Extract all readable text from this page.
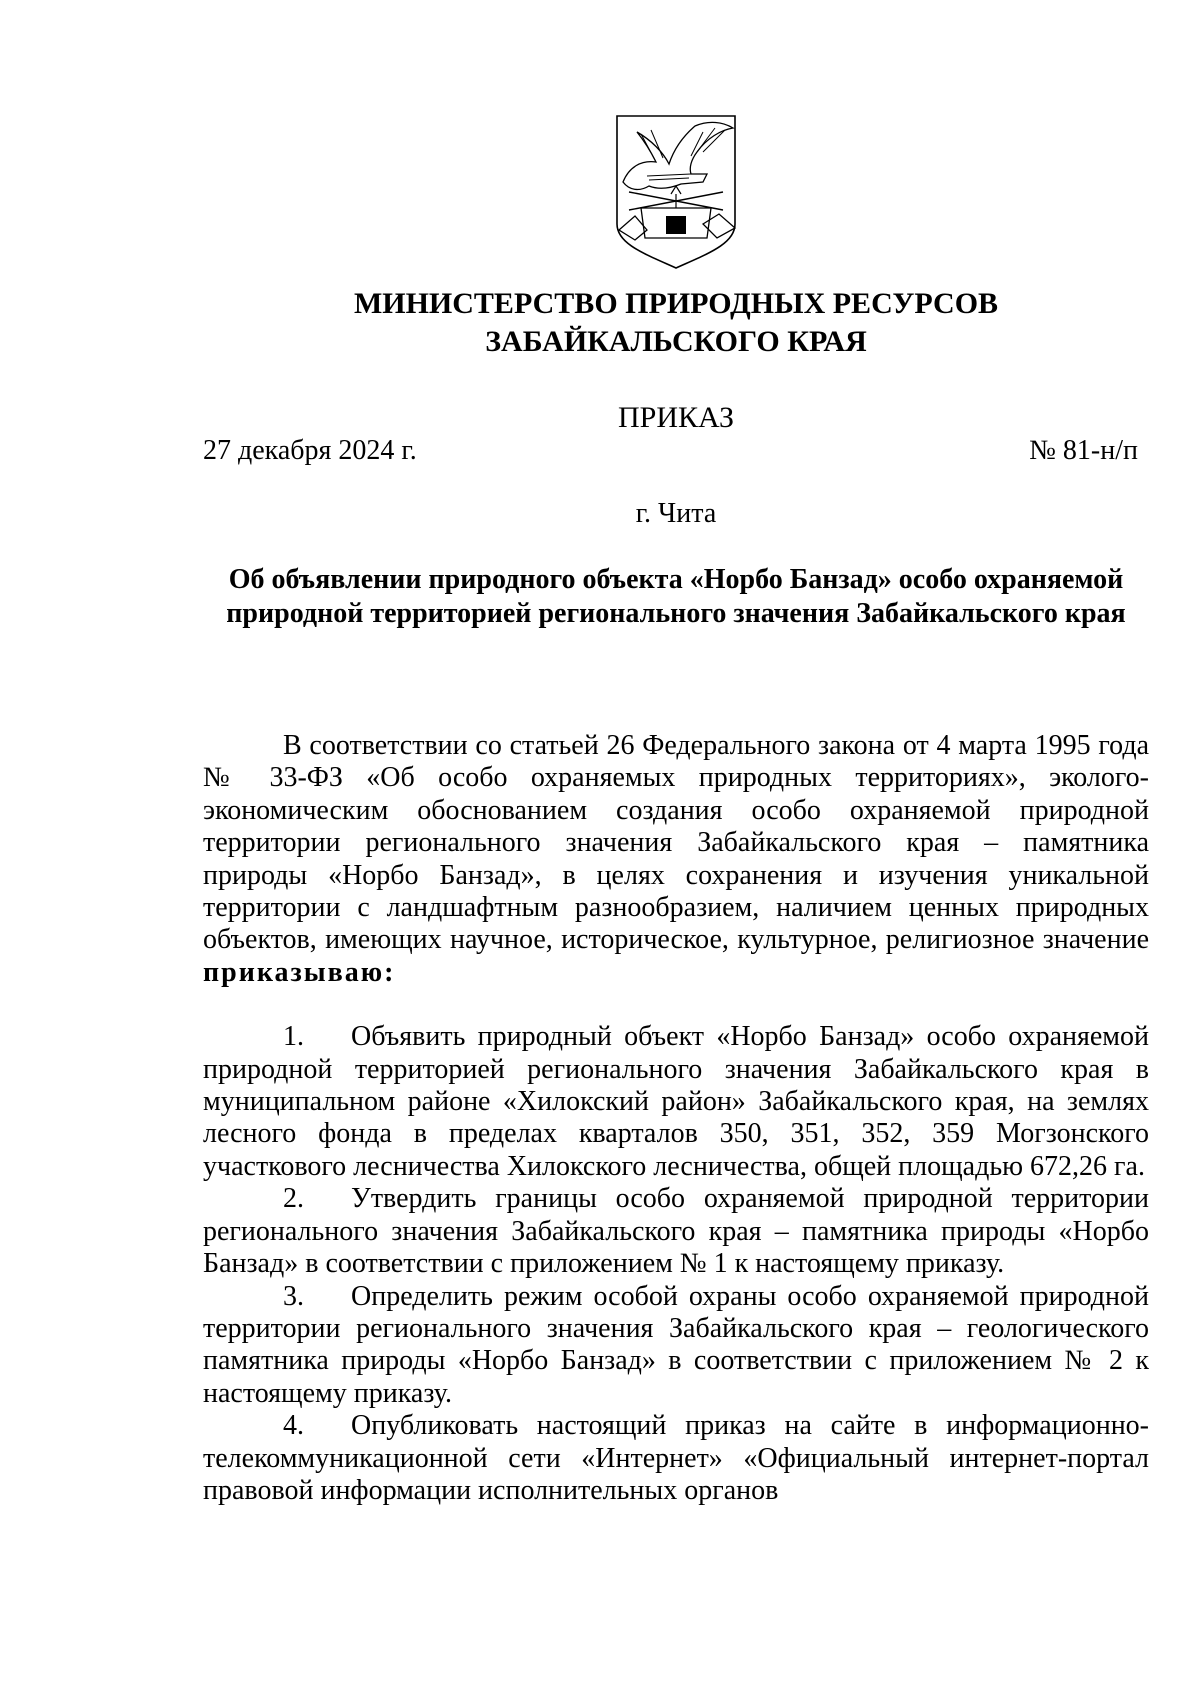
МИНИСТЕРСТВО ПРИРОДНЫХ РЕСУРСОВ
ЗАБАЙКАЛЬСКОГО КРАЯ
ПРИКАЗ
27 декабря 2024 г.	№ 81-н/п
г. Чита
Об объявлении природного объекта «Норбо Банзад» особо охраняемой природной территорией регионального значения Забайкальского края

В соответствии со статьей 26 Федерального закона от 4 марта 1995 года № 33-ФЗ «Об особо охраняемых природных территориях», эколого-экономическим обоснованием создания особо охраняемой природной территории регионального значения Забайкальского края – памятника природы «Норбо Банзад», в целях сохранения и изучения уникальной территории с ландшафтным разнообразием, наличием ценных природных объектов, имеющих научное, историческое, культурное, религиозное значение приказываю:

1. Объявить природный объект «Норбо Банзад» особо охраняемой природной территорией регионального значения Забайкальского края в муниципальном районе «Хилокский район» Забайкальского края, на землях лесного фонда в пределах кварталов 350, 351, 352, 359 Могзонского участкового лесничества Хилокского лесничества, общей площадью 672,26 га.

2. Утвердить границы особо охраняемой природной территории регионального значения Забайкальского края – памятника природы «Норбо Банзад» в соответствии с приложением № 1 к настоящему приказу.

3. Определить режим особой охраны особо охраняемой природной территории регионального значения Забайкальского края – геологического памятника природы «Норбо Банзад» в соответствии с приложением № 2 к настоящему приказу.

4. Опубликовать настоящий приказ на сайте в информационно-телекоммуникационной сети «Интернет» «Официальный интернет-портал правовой информации исполнительных органов
